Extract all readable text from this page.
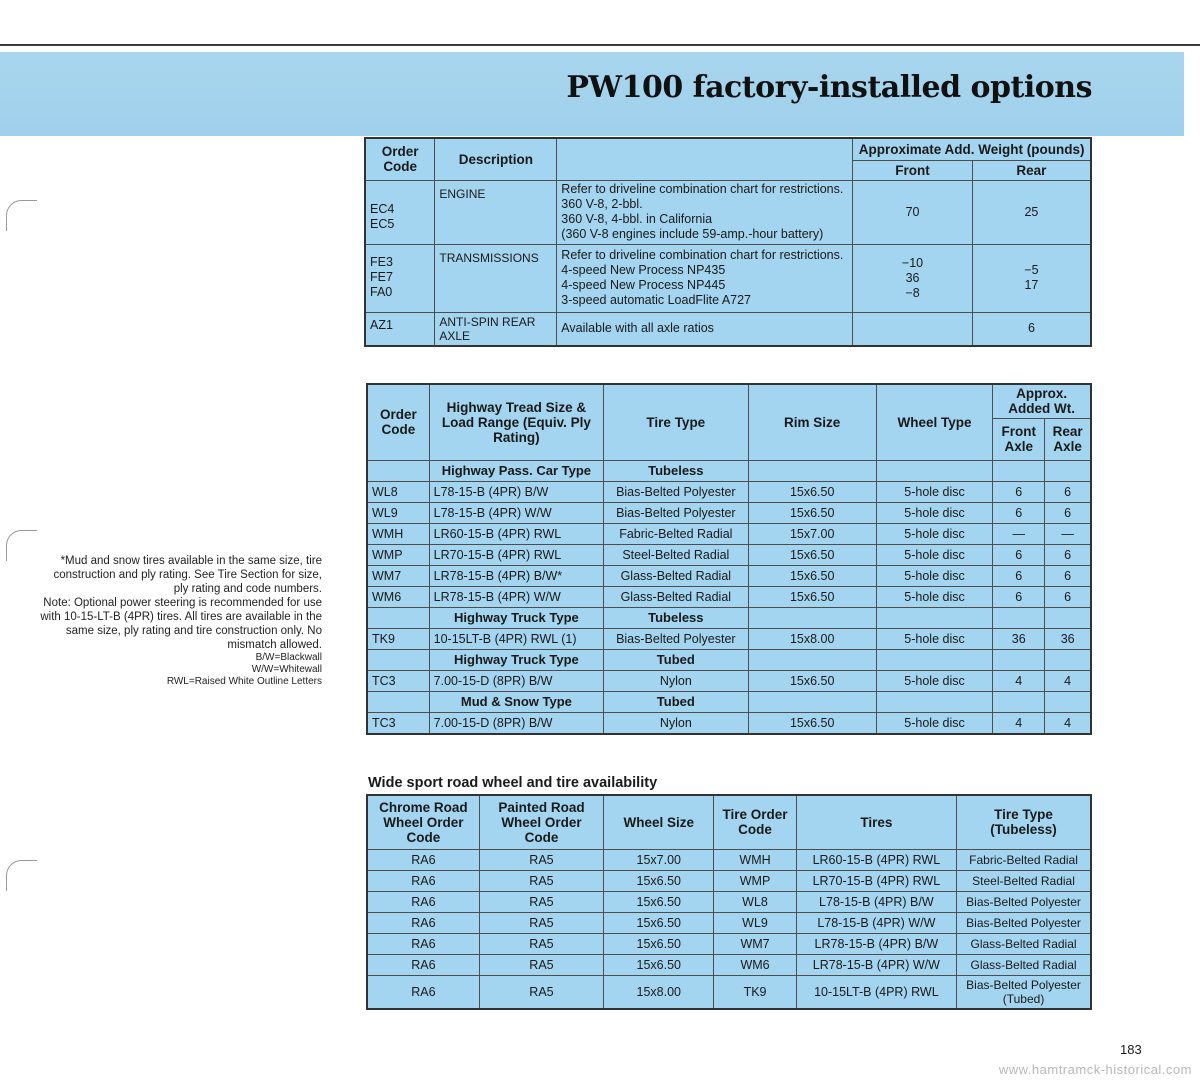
PW100 factory-installed options
Order Code	Description		Approximate Add. Weight (pounds)	
			Front	Rear

EC4
EC5	ENGINE	Refer to driveline combination chart for restrictions.
360 V-8, 2-bbl.
360 V-8, 4-bbl. in California
(360 V-8 engines include 59-amp.-hour battery)	70	25

FE3
FE7
FA0	TRANSMISSIONS	Refer to driveline combination chart for restrictions.
4-speed New Process NP435
4-speed New Process NP445
3-speed automatic LoadFlite A727	−10
36
−8	−5
17

AZ1	ANTI-SPIN REAR AXLE	Available with all axle ratios		6
Order Code	Highway Tread Size & Load Range (Equiv. Ply Rating)	Tire Type	Rim Size	Wheel Type	Approx. Added Wt.	
					Front Axle	Rear Axle
	Highway Pass. Car Type	Tubeless				
WL8	L78-15-B (4PR) B/W	Bias-Belted Polyester	15x6.50	5-hole disc	6	6
WL9	L78-15-B (4PR) W/W	Bias-Belted Polyester	15x6.50	5-hole disc	6	6
WMH	LR60-15-B (4PR) RWL	Fabric-Belted Radial	15x7.00	5-hole disc	—	—
WMP	LR70-15-B (4PR) RWL	Steel-Belted Radial	15x6.50	5-hole disc	6	6
WM7	LR78-15-B (4PR) B/W*	Glass-Belted Radial	15x6.50	5-hole disc	6	6
WM6	LR78-15-B (4PR) W/W	Glass-Belted Radial	15x6.50	5-hole disc	6	6
	Highway Truck Type	Tubeless				
TK9	10-15LT-B (4PR) RWL (1)	Bias-Belted Polyester	15x8.00	5-hole disc	36	36
	Highway Truck Type	Tubed				
TC3	7.00-15-D (8PR) B/W	Nylon	15x6.50	5-hole disc	4	4
	Mud & Snow Type	Tubed				
TC3	7.00-15-D (8PR) B/W	Nylon	15x6.50	5-hole disc	4	4

*Mud and snow tires available in the same size, tire construction and ply rating. See Tire Section for size, ply rating and code numbers.

Note: Optional power steering is recommended for use with 10-15-LT-B (4PR) tires. All tires are available in the same size, ply rating and tire construction only. No mismatch allowed.

B/W=Blackwall
W/W=Whitewall
RWL=Raised White Outline Letters
Wide sport road wheel and tire availability
Chrome Road Wheel Order Code	Painted Road Wheel Order Code	Wheel Size	Tire Order Code	Tires	Tire Type (Tubeless)
RA6	RA5	15x7.00	WMH	LR60-15-B (4PR) RWL	Fabric-Belted Radial
RA6	RA5	15x6.50	WMP	LR70-15-B (4PR) RWL	Steel-Belted Radial
RA6	RA5	15x6.50	WL8	L78-15-B (4PR) B/W	Bias-Belted Polyester
RA6	RA5	15x6.50	WL9	L78-15-B (4PR) W/W	Bias-Belted Polyester
RA6	RA5	15x6.50	WM7	LR78-15-B (4PR) B/W	Glass-Belted Radial
RA6	RA5	15x6.50	WM6	LR78-15-B (4PR) W/W	Glass-Belted Radial
RA6	RA5	15x8.00	TK9	10-15LT-B (4PR) RWL	Bias-Belted Polyester (Tubed)
183
www.hamtramck-historical.com
